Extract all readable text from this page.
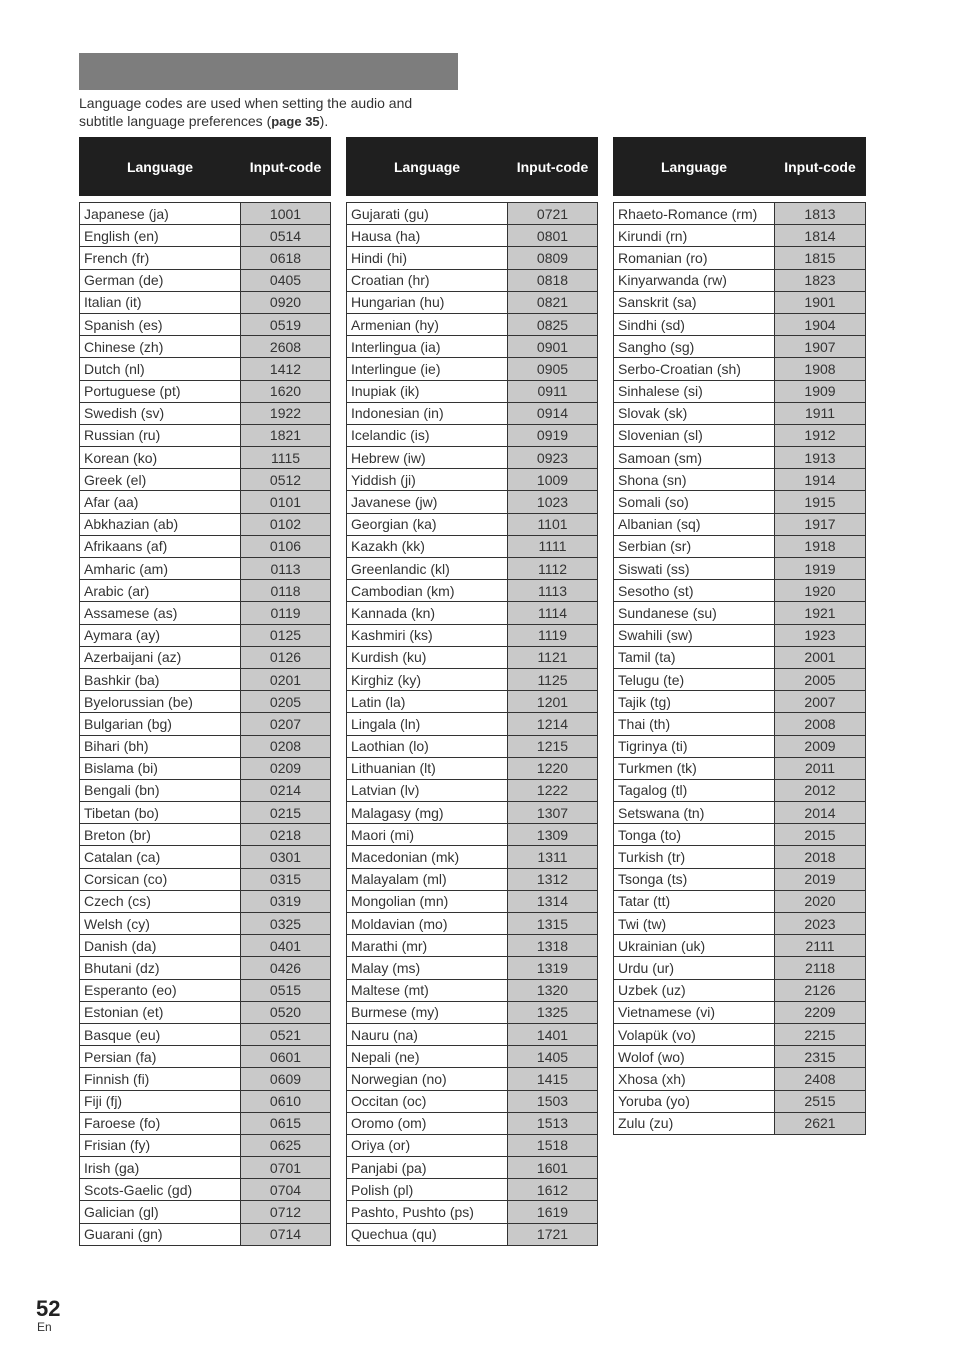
Language codes are used when setting the audio and subtitle language preferences (page 35).
Language	Input-code

Japanese (ja)	1001
English (en)	0514
French (fr)	0618
German (de)	0405
Italian (it)	0920
Spanish (es)	0519
Chinese (zh)	2608
Dutch (nl)	1412
Portuguese (pt)	1620
Swedish (sv)	1922
Russian (ru)	1821
Korean (ko)	1115
Greek (el)	0512
Afar (aa)	0101
Abkhazian (ab)	0102
Afrikaans (af)	0106
Amharic (am)	0113
Arabic (ar)	0118
Assamese (as)	0119
Aymara (ay)	0125
Azerbaijani (az)	0126
Bashkir (ba)	0201
Byelorussian (be)	0205
Bulgarian (bg)	0207
Bihari (bh)	0208
Bislama (bi)	0209
Bengali (bn)	0214
Tibetan (bo)	0215
Breton (br)	0218
Catalan (ca)	0301
Corsican (co)	0315
Czech (cs)	0319
Welsh (cy)	0325
Danish (da)	0401
Bhutani (dz)	0426
Esperanto (eo)	0515
Estonian (et)	0520
Basque (eu)	0521
Persian (fa)	0601
Finnish (fi)	0609
Fiji (fj)	0610
Faroese (fo)	0615
Frisian (fy)	0625
Irish (ga)	0701
Scots-Gaelic (gd)	0704
Galician (gl)	0712
Guarani (gn)	0714
Language	Input-code

Gujarati (gu)	0721
Hausa (ha)	0801
Hindi (hi)	0809
Croatian (hr)	0818
Hungarian (hu)	0821
Armenian (hy)	0825
Interlingua (ia)	0901
Interlingue (ie)	0905
Inupiak (ik)	0911
Indonesian (in)	0914
Icelandic (is)	0919
Hebrew (iw)	0923
Yiddish (ji)	1009
Javanese (jw)	1023
Georgian (ka)	1101
Kazakh (kk)	1111
Greenlandic (kl)	1112
Cambodian (km)	1113
Kannada (kn)	1114
Kashmiri (ks)	1119
Kurdish (ku)	1121
Kirghiz (ky)	1125
Latin (la)	1201
Lingala (ln)	1214
Laothian (lo)	1215
Lithuanian (lt)	1220
Latvian (lv)	1222
Malagasy (mg)	1307
Maori (mi)	1309
Macedonian (mk)	1311
Malayalam (ml)	1312
Mongolian (mn)	1314
Moldavian (mo)	1315
Marathi (mr)	1318
Malay (ms)	1319
Maltese (mt)	1320
Burmese (my)	1325
Nauru (na)	1401
Nepali (ne)	1405
Norwegian (no)	1415
Occitan (oc)	1503
Oromo (om)	1513
Oriya (or)	1518
Panjabi (pa)	1601
Polish (pl)	1612
Pashto, Pushto (ps)	1619
Quechua (qu)	1721
Language	Input-code

Rhaeto-Romance (rm)	1813
Kirundi (rn)	1814
Romanian (ro)	1815
Kinyarwanda (rw)	1823
Sanskrit (sa)	1901
Sindhi (sd)	1904
Sangho (sg)	1907
Serbo-Croatian (sh)	1908
Sinhalese (si)	1909
Slovak (sk)	1911
Slovenian (sl)	1912
Samoan (sm)	1913
Shona (sn)	1914
Somali (so)	1915
Albanian (sq)	1917
Serbian (sr)	1918
Siswati (ss)	1919
Sesotho (st)	1920
Sundanese (su)	1921
Swahili (sw)	1923
Tamil (ta)	2001
Telugu (te)	2005
Tajik (tg)	2007
Thai (th)	2008
Tigrinya (ti)	2009
Turkmen (tk)	2011
Tagalog (tl)	2012
Setswana (tn)	2014
Tonga (to)	2015
Turkish (tr)	2018
Tsonga (ts)	2019
Tatar (tt)	2020
Twi (tw)	2023
Ukrainian (uk)	2111
Urdu (ur)	2118
Uzbek (uz)	2126
Vietnamese (vi)	2209
Volapük (vo)	2215
Wolof (wo)	2315
Xhosa (xh)	2408
Yoruba (yo)	2515
Zulu (zu)	2621
52
En
